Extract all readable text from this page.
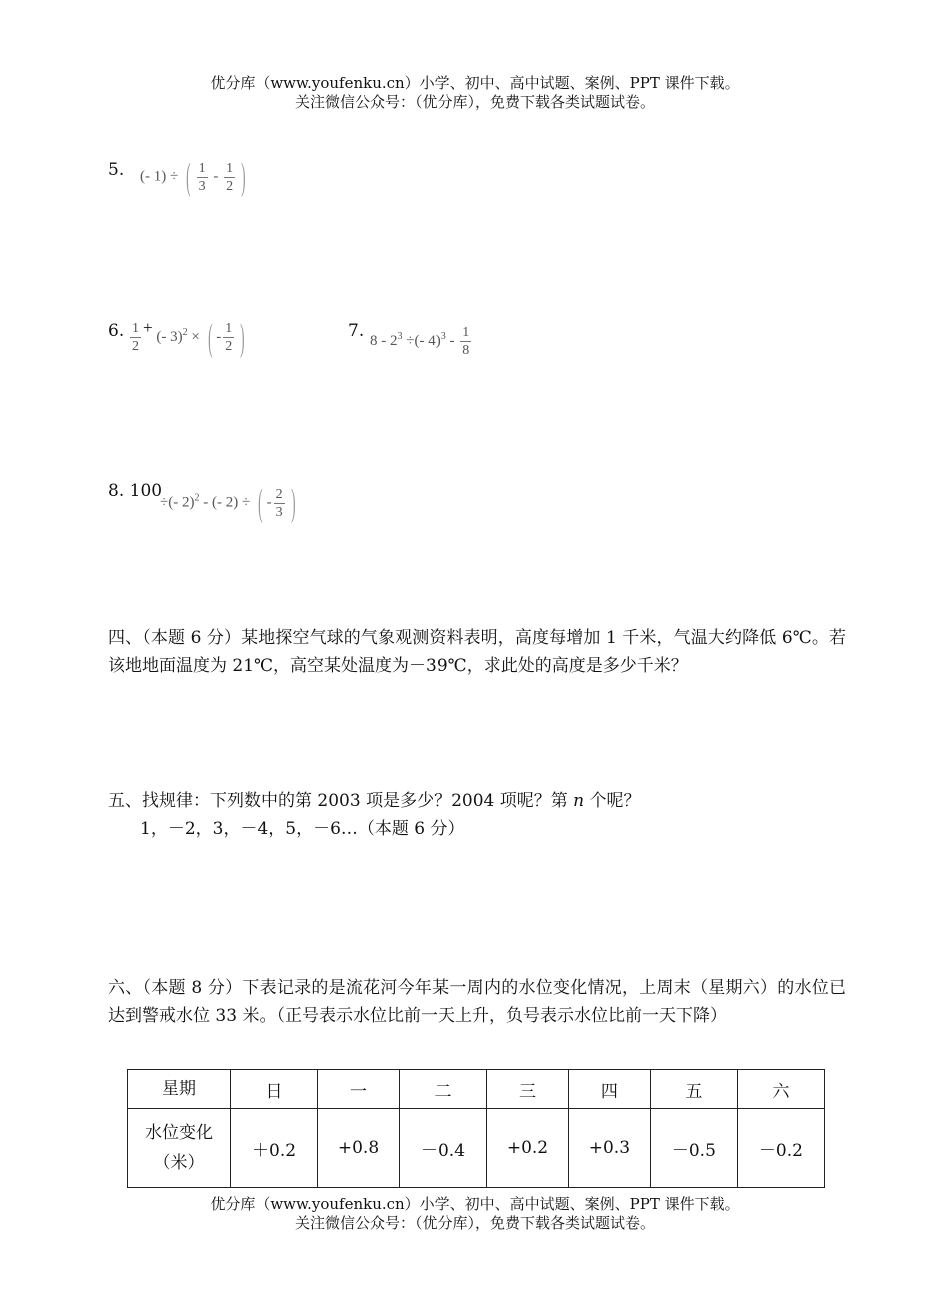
优分库（www.youfenku.cn）小学、初中、高中试题、案例、PPT 课件下载。
关注微信公众号：（优分库），免费下载各类试题试卷。
5. (- 1) ÷ ( $\frac{1}{3} - \frac{1}{2}$ )
6. $\frac{1}{2}$ + (- 3)$^2$ × ( - $\frac{1}{2}$ )	7. $8 - 2^3$ ÷(- $4)^3 - \frac{1}{8}$
8. 100
÷(- 2)$^2$ - (- 2) ÷ ( - $\frac{2}{3}$ )
四、（本题 6 分）某地探空气球的气象观测资料表明，高度每增加 1 千米，气温大约降低 6℃。若该地地面温度为 21℃，高空某处温度为－39℃，求此处的高度是多少千米？
五、找规律：下列数中的第 2003 项是多少？2004 项呢？第 n 个呢？
1，－2，3，－4，5，－6…（本题 6 分）
六、（本题 8 分）下表记录的是流花河今年某一周内的水位变化情况，上周末（星期六）的水位已达到警戒水位 33 米。（正号表示水位比前一天上升，负号表示水位比前一天下降）
星期	日	一	二	三	四	五	六

水位变化
（米）	＋0.2	+0.8	－0.4	+0.2	+0.3	－0.5	－0.2
优分库（www.youfenku.cn）小学、初中、高中试题、案例、PPT 课件下载。
关注微信公众号：（优分库），免费下载各类试题试卷。
